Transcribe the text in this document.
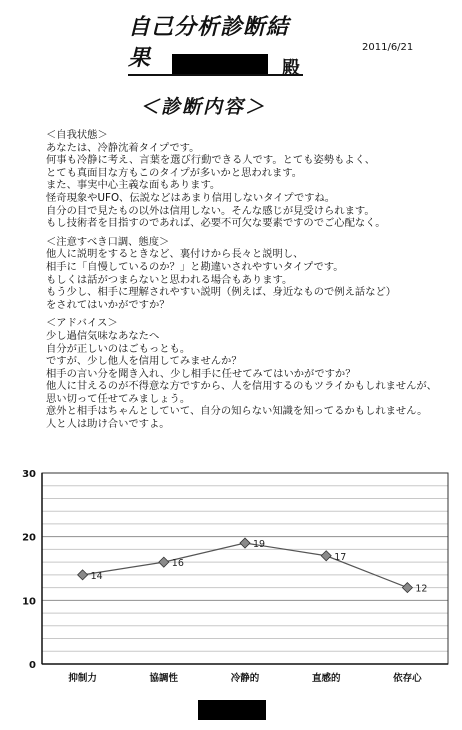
自己分析診断結果	2011/6/21
殿
＜診断内容＞
＜自我状態＞
あなたは、冷静沈着タイプです。
何事も冷静に考え、言葉を選び行動できる人です。とても姿勢もよく、
とても真面目な方もこのタイプが多いかと思われます。
また、事実中心主義な面もあります。
怪奇現象やUFO、伝説などはあまり信用しないタイプですね。
自分の目で見たもの以外は信用しない。そんな感じが見受けられます。
もし技術者を目指すのであれば、必要不可欠な要素ですのでご心配なく。
＜注意すべき口調、態度＞
他人に説明をするときなど、裏付けから長々と説明し、
相手に「自慢しているのか？」と勘違いされやすいタイプです。
もしくは話がつまらないと思われる場合もあります。
もう少し、相手に理解されやすい説明（例えば、身近なもので例え話など）
をされてはいかがですか？
＜アドバイス＞
少し過信気味なあなたへ
自分が正しいのはごもっとも。
ですが、少し他人を信用してみませんか？
相手の言い分を聞き入れ、少し相手に任せてみてはいかがですか？
他人に甘えるのが不得意な方ですから、人を信用するのもツライかもしれませんが、
思い切って任せてみましょう。
意外と相手はちゃんとしていて、自分の知らない知識を知ってるかもしれません。
人と人は助け合いですよ。
0
10
20
30
抑制力	協調性	冷静的	直感的	依存心
14
16
19
17
12
